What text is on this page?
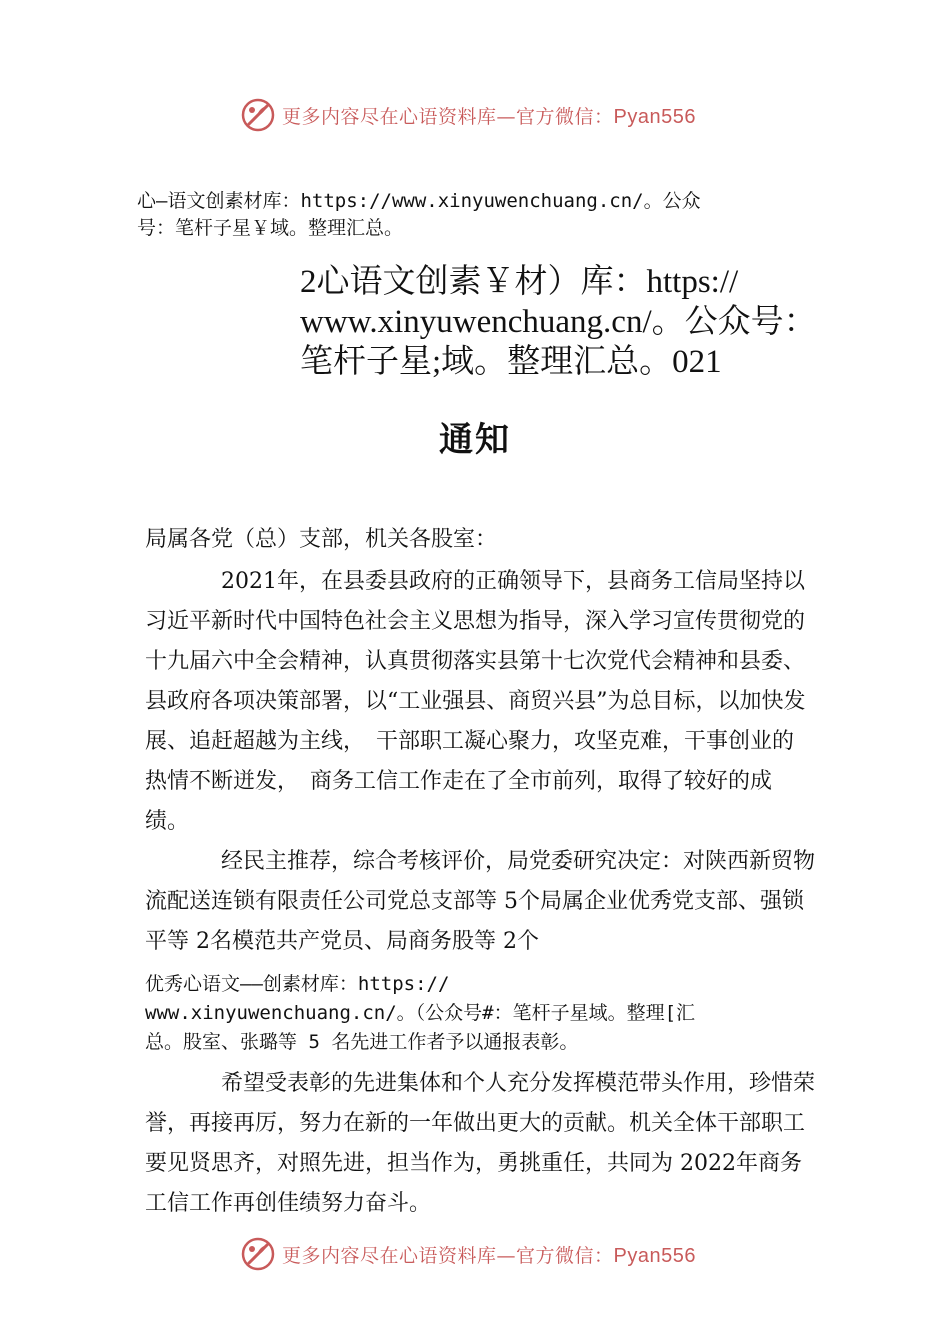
更多内容尽在心语资料库—官方微信：Pyan556
心—语文创素材库：https://www.xinyuwenchuang.cn/。公众
号：笔杆子星￥域。整理汇总。
2心语文创素￥材）库：https://
www.xinyuwenchuang.cn/。公众号：
笔杆子星;域。整理汇总。021
通知

局属各党（总）支部，机关各股室：

2021年，在县委县政府的正确领导下，县商务工信局坚持以习近平新时代中国特色社会主义思想为指导，深入学习宣传贯彻党的十九届六中全会精神，认真贯彻落实县第十七次党代会精神和县委、县政府各项决策部署，以“工业强县、商贸兴县”为总目标，以加快发展、追赶超越为主线，　干部职工凝心聚力，攻坚克难，干事创业的热情不断迸发，　商务工信工作走在了全市前列，取得了较好的成绩。

经民主推荐，综合考核评价，局党委研究决定：对陕西新贸物流配送连锁有限责任公司党总支部等 5个局属企业优秀党支部、强锁平等 2名模范共产党员、局商务股等 2个

优秀心语文——创素材库：https://
www.xinyuwenchuang.cn/。（公众号#：笔杆子星域。整理[汇
总。股室、张璐等 5 名先进工作者予以通报表彰。

希望受表彰的先进集体和个人充分发挥模范带头作用，珍惜荣誉，再接再厉，努力在新的一年做出更大的贡献。机关全体干部职工要见贤思齐，对照先进，担当作为，勇挑重任，共同为 2022年商务工信工作再创佳绩努力奋斗。

更多内容尽在心语资料库—官方微信：Pyan556
